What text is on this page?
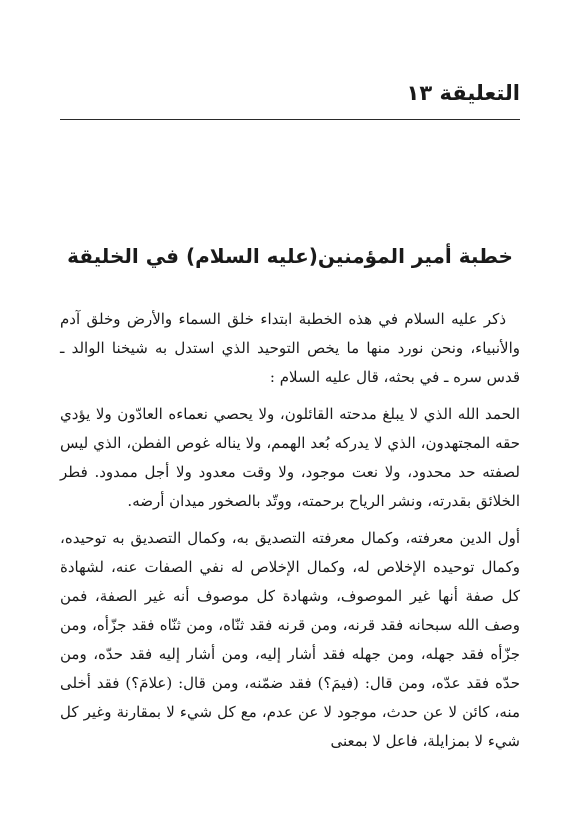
التعليقة ١٣
خطبة أمير المؤمنين(عليه السلام) في الخليقة

ذكر عليه السلام في هذه الخطبة ابتداء خلق السماء والأرض وخلق آدم والأنبياء، ونحن نورد منها ما يخص التوحيد الذي استدل به شيخنا الوالد ـ قدس سره ـ في بحثه، قال عليه السلام :

الحمد الله الذي لا يبلغ مدحته القائلون، ولا يحصي نعماءه العادّون ولا يؤدي حقه المجتهدون، الذي لا يدركه بُعد الهمم، ولا يناله غوص الفطن، الذي ليس لصفته حد محدود، ولا نعت موجود، ولا وقت معدود ولا أجل ممدود. فطر الخلائق بقدرته، ونشر الرياح برحمته، ووتّد بالصخور ميدان أرضه.

أول الدين معرفته، وكمال معرفته التصديق به، وكمال التصديق به توحيده، وكمال توحيده الإخلاص له، وكمال الإخلاص له نفي الصفات عنه، لشهادة كل صفة أنها غير الموصوف، وشهادة كل موصوف أنه غير الصفة، فمن وصف الله سبحانه فقد قرنه، ومن قرنه فقد ثنّاه، ومن ثنّاه فقد جزّأه، ومن جزّأه فقد جهله، ومن جهله فقد أشار إليه، ومن أشار إليه فقد حدّه، ومن حدّه فقد عدّه، ومن قال: (فيمَ؟) فقد ضمّنه، ومن قال: (علامَ؟) فقد أخلى منه، كائن لا عن حدث، موجود لا عن عدم، مع كل شيء لا بمقارنة وغير كل شيء لا بمزايلة، فاعل لا بمعنى
